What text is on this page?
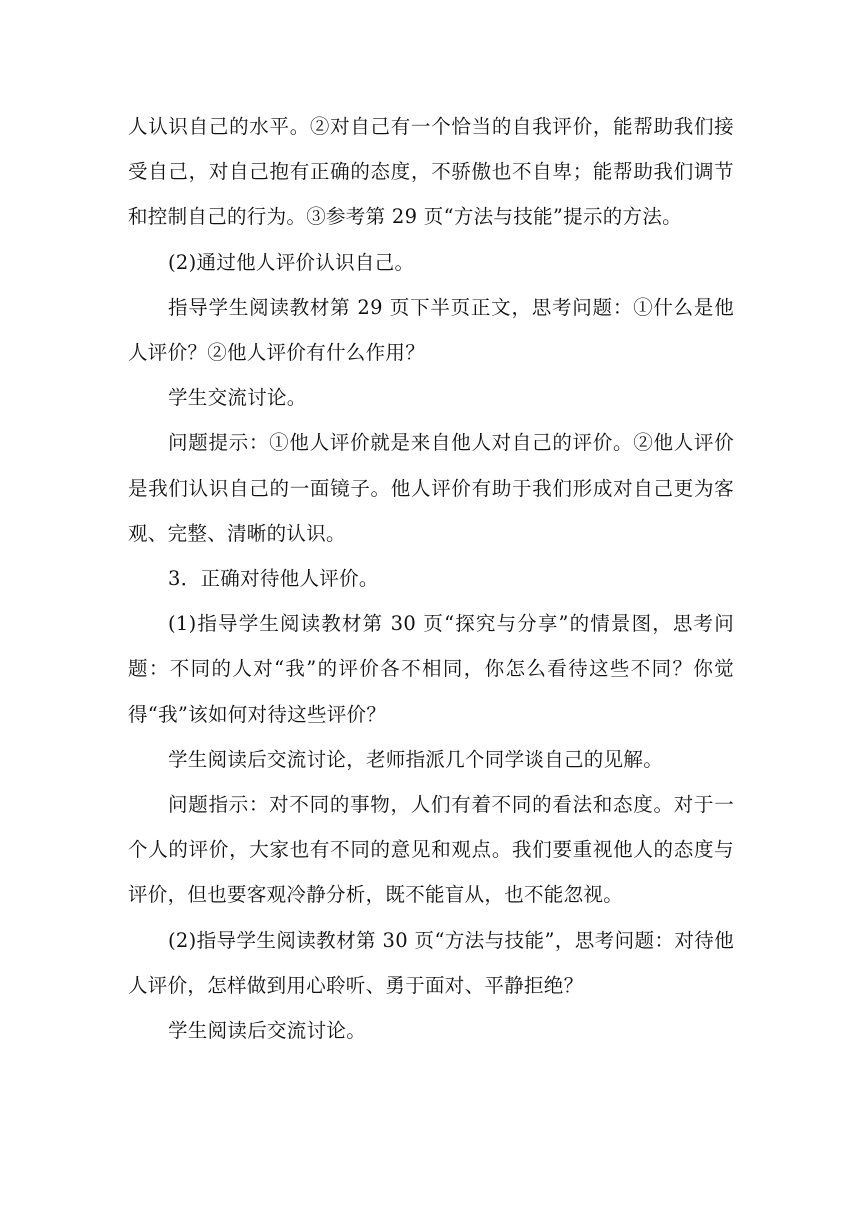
人认识自己的水平。②对自己有一个恰当的自我评价，能帮助我们接受自己，对自己抱有正确的态度，不骄傲也不自卑；能帮助我们调节和控制自己的行为。③参考第 29 页“方法与技能”提示的方法。

(2)通过他人评价认识自己。

指导学生阅读教材第 29 页下半页正文，思考问题：①什么是他人评价？②他人评价有什么作用？

学生交流讨论。

问题提示：①他人评价就是来自他人对自己的评价。②他人评价是我们认识自己的一面镜子。他人评价有助于我们形成对自己更为客观、完整、清晰的认识。

3．正确对待他人评价。

(1)指导学生阅读教材第 30 页“探究与分享”的情景图，思考问题：不同的人对“我”的评价各不相同，你怎么看待这些不同？你觉得“我”该如何对待这些评价？

学生阅读后交流讨论，老师指派几个同学谈自己的见解。

问题指示：对不同的事物，人们有着不同的看法和态度。对于一个人的评价，大家也有不同的意见和观点。我们要重视他人的态度与评价，但也要客观冷静分析，既不能盲从，也不能忽视。

(2)指导学生阅读教材第 30 页“方法与技能”，思考问题：对待他人评价，怎样做到用心聆听、勇于面对、平静拒绝？

学生阅读后交流讨论。
